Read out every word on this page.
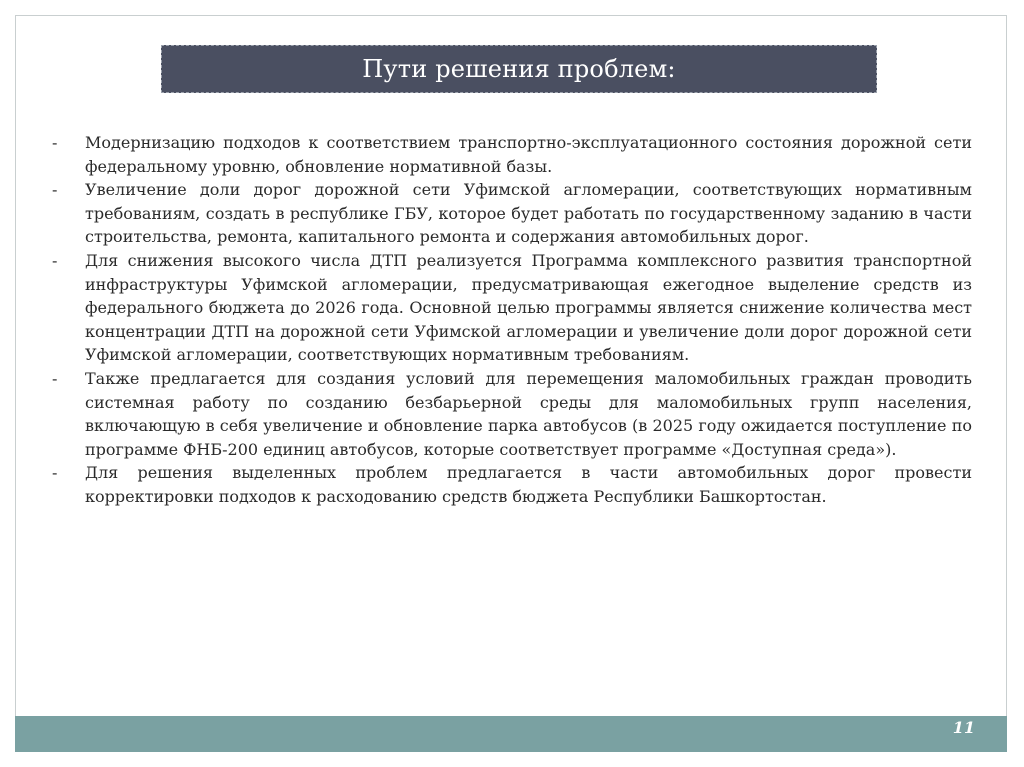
Пути решения проблем:
-	Модернизацию подходов к соответствием транспортно-эксплуатационного состояния дорожной сети федеральному уровню, обновление нормативной базы.
-	Увеличение доли дорог дорожной сети Уфимской агломерации, соответствующих нормативным требованиям, создать в республике ГБУ, которое будет работать по государственному заданию в части строительства, ремонта, капитального ремонта и содержания автомобильных дорог.
-	Для снижения высокого числа ДТП реализуется Программа комплексного развития транспортной инфраструктуры Уфимской агломерации, предусматривающая ежегодное выделение средств из федерального бюджета до 2026 года. Основной целью программы является снижение количества мест концентрации ДТП на дорожной сети Уфимской агломерации и увеличение доли дорог дорожной сети Уфимской агломерации, соответствующих нормативным требованиям.
-	Также предлагается для создания условий для перемещения маломобильных граждан проводить системная работу по созданию безбарьерной среды для маломобильных групп населения, включающую в себя увеличение и обновление парка автобусов (в 2025 году ожидается поступление по программе ФНБ-200 единиц автобусов, которые соответствует программе «Доступная среда»).
-	Для решения выделенных проблем предлагается в части автомобильных дорог провести корректировки подходов к расходованию средств бюджета Республики Башкортостан.
11
